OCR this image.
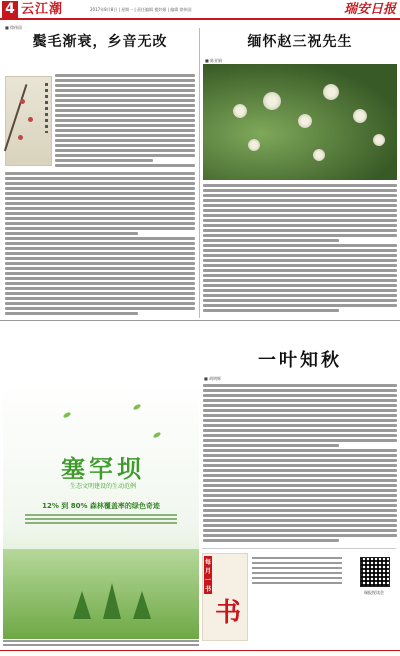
4 云江潮	2017年8月8日 | 星期一 | 责任编辑 楼妙娟 | 编辑 徐伟国	瑞安日报
■ 徐伟国
鬓毛渐衰，乡音无改
■ 陈亚娟
缅怀赵三祝先生
一叶知秋
■ 胡明辉
塞罕坝
生态文明建设的生动范例
12% 到 80% 森林覆盖率的绿色奇迹
每月一书
书
瑞报悦读会
